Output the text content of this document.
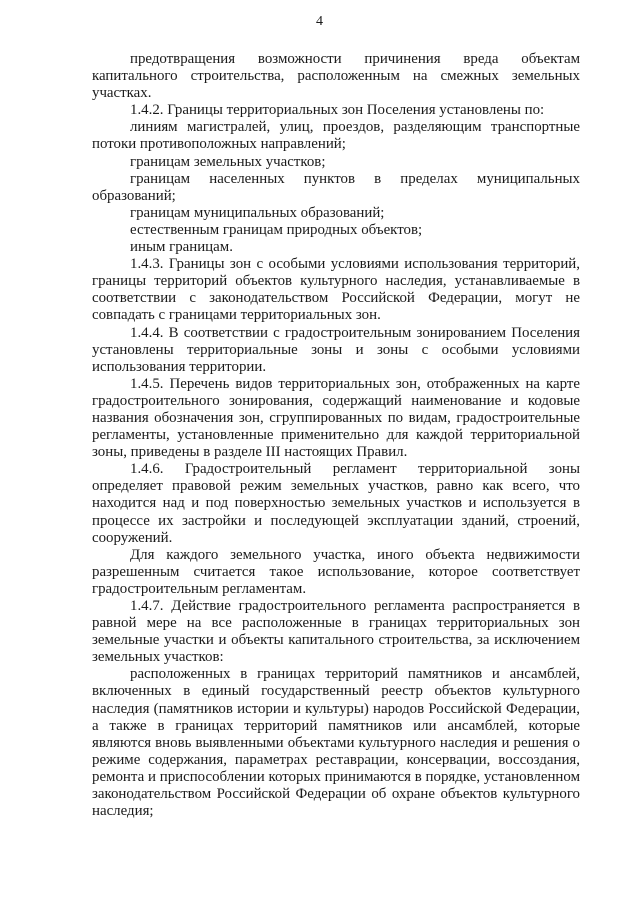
4

предотвращения возможности причинения вреда объектам капитального строительства, расположенным на смежных земельных участках.

1.4.2. Границы территориальных зон Поселения установлены по:

линиям магистралей, улиц, проездов, разделяющим транспортные потоки противоположных направлений;

границам земельных участков;

границам населенных пунктов в пределах муниципальных образований;

границам муниципальных образований;

естественным границам природных объектов;

иным границам.

1.4.3. Границы зон с особыми условиями использования территорий, границы территорий объектов культурного наследия, устанавливаемые в соответствии с законодательством Российской Федерации, могут не совпадать с границами территориальных зон.

1.4.4. В соответствии с градостроительным зонированием Поселения установлены территориальные зоны и зоны с особыми условиями использования территории.

1.4.5. Перечень видов территориальных зон, отображенных на карте градостроительного зонирования, содержащий наименование и кодовые названия обозначения зон, сгруппированных по видам, градостроительные регламенты, установленные применительно для каждой территориальной зоны, приведены в разделе III настоящих Правил.

1.4.6. Градостроительный регламент территориальной зоны определяет правовой режим земельных участков, равно как всего, что находится над и под поверхностью земельных участков и используется в процессе их застройки и последующей эксплуатации зданий, строений, сооружений.

Для каждого земельного участка, иного объекта недвижимости разрешенным считается такое использование, которое соответствует градостроительным регламентам.

1.4.7. Действие градостроительного регламента распространяется в равной мере на все расположенные в границах территориальных зон земельные участки и объекты капитального строительства, за исключением земельных участков:

расположенных в границах территорий памятников и ансамблей, включенных в единый государственный реестр объектов культурного наследия (памятников истории и культуры) народов Российской Федерации, а также в границах территорий памятников или ансамблей, которые являются вновь выявленными объектами культурного наследия и решения о режиме содержания, параметрах реставрации, консервации, воссоздания, ремонта и приспособлении которых принимаются в порядке, установленном законодательством Российской Федерации об охране объектов культурного наследия;
